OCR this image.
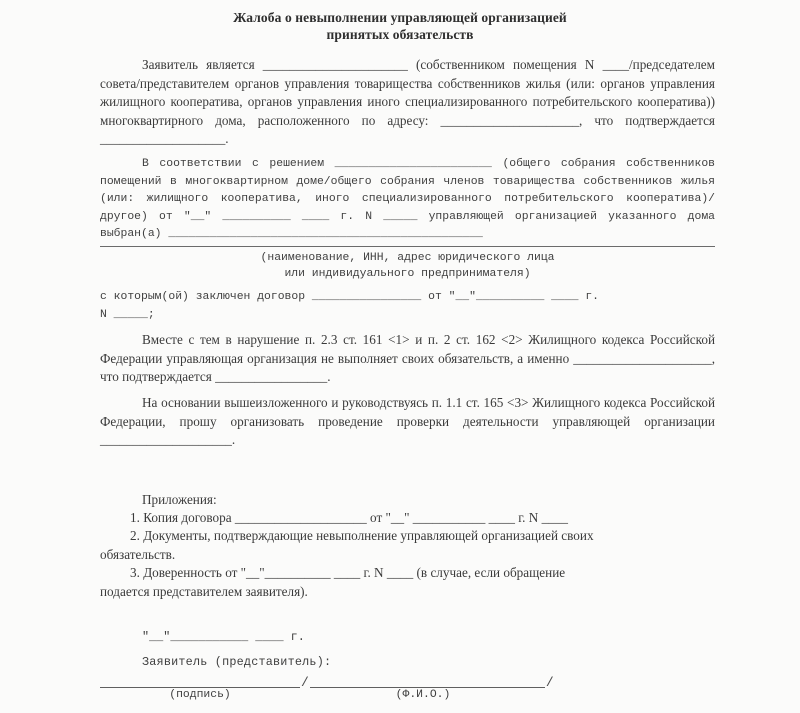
Жалоба о невыполнении управляющей организацией
принятых обязательств

Заявитель является ______________________ (собственником помещения N ____/председателем совета/представителем органов управления товарищества собственников жилья (или: органов управления жилищного кооператива, органов управления иного специализированного потребительского кооператива)) многоквартирного дома, расположенного по адресу: _____________________, что подтверждается ___________________.

В соответствии с решением _______________________ (общего собрания собственников помещений в многоквартирном доме/общего собрания членов товарищества собственников жилья (или: жилищного кооператива, иного специализированного потребительского кооператива)/другое) от "__" __________ ____ г. N _____ управляющей организацией указанного дома выбран(а) ______________________________________________

(наименование, ИНН, адрес юридического лица

или индивидуального предпринимателя)

с которым(ой) заключен договор ________________ от "__"__________ ____ г.

N _____;

Вместе с тем в нарушение п. 2.3 ст. 161 <1> и п. 2 ст. 162 <2> Жилищного кодекса Российской Федерации управляющая организация не выполняет своих обязательств, а именно _____________________, что подтверждается _________________.

На основании вышеизложенного и руководствуясь п. 1.1 ст. 165 <3> Жилищного кодекса Российской Федерации, прошу организовать проведение проверки деятельности управляющей организации ____________________.

Приложения:

1. Копия договора ____________________ от "__" ___________ ____ г. N ____

2. Документы, подтверждающие невыполнение управляющей организацией своих

обязательств.

3. Доверенность от "__"__________ ____ г. N ____ (в случае, если обращение

подается представителем заявителя).

"__"___________ ____ г.

Заявитель (представитель):

/	/
(подпись)	(Ф.И.О.)
